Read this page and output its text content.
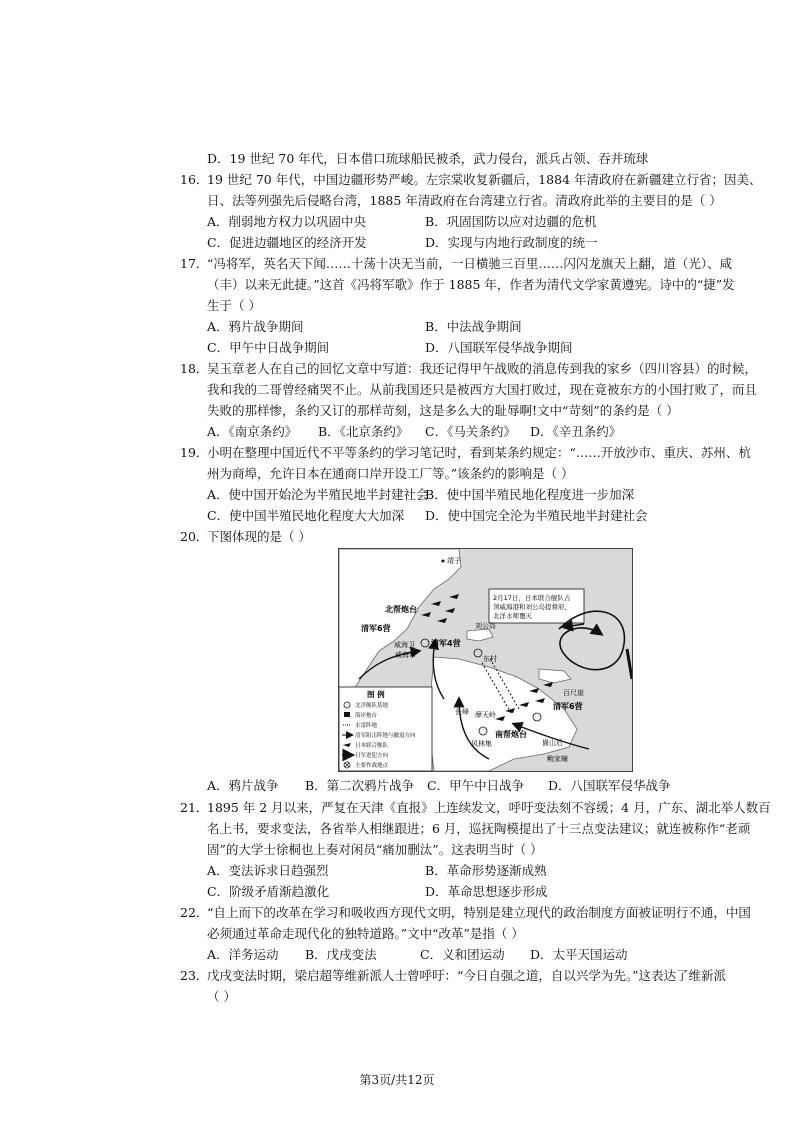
D．19 世纪 70 年代，日本借口琉球船民被杀，武力侵台，派兵占领、吞并琉球
16．
19 世纪 70 年代，中国边疆形势严峻。左宗棠收复新疆后，1884 年清政府在新疆建立行省；因美、
日、法等列强先后侵略台湾，1885 年清政府在台湾建立行省。清政府此举的主要目的是（ ）
A．削弱地方权力以巩固中央	B．巩固国防以应对边疆的危机
C．促进边疆地区的经济开发	D．实现与内地行政制度的统一
17．
“冯将军，英名天下闻……十荡十决无当前，一日横驰三百里……闪闪龙旗天上翻，道（光）、咸
（丰）以来无此捷。”这首《冯将军歌》作于 1885 年，作者为清代文学家黄遵宪。诗中的“捷”发
生于（ ）
A．鸦片战争期间	B．中法战争期间
C．甲午中日战争期间	D．八国联军侵华战争期间
18．
吴玉章老人在自己的回忆文章中写道：我还记得甲午战败的消息传到我的家乡（四川容县）的时候，
我和我的二哥曾经痛哭不止。从前我国还只是被西方大国打败过，现在竟被东方的小国打败了，而且
失败的那样惨，条约又订的那样苛刻，这是多么大的耻辱啊!文中“苛刻”的条约是（ ）
A．《南京条约》 B．《北京条约》 C．《马关条约》 D．《辛丑条约》
19．
小明在整理中国近代不平等条约的学习笔记时，看到某条约规定：“……开放沙市、重庆、苏州、杭
州为商埠，允许日本在通商口岸开设工厂等。”该条约的影响是（ ）
A．使中国开始沦为半殖民地半封建社会
B．使中国半殖民地化程度进一步加深
C．使中国半殖民地化程度大大加深 D．使中国完全沦为半殖民地半封建社会
20．
下图体现的是（ ）
2月17日，日本联合舰队占
领威海港和刘公岛提督府，
北洋水师覆灭
靖子
北帮炮台
刘公岛
清军6营
清军4营
威海卫
威海市	东村
百尺崖
清军6营
长峰 摩天岭
南帮炮台
风林集	崮山后
鲍家疃
图 例
北洋舰队基地
海岸炮台
水雷阵地
清军阻击阵地与撤退方向
日本联合舰队
日军进犯方向
主要作战地点
A．鸦片战争 B．第二次鸦片战争 C．甲午中日战争 D．八国联军侵华战争
21．
1895 年 2 月以来，严复在天津《直报》上连续发文，呼吁变法刻不容缓；4 月，广东、湖北举人数百
名上书，要求变法，各省举人相继跟进；6 月，巡抚陶模提出了十三点变法建议；就连被称作“老顽
固”的大学士徐桐也上奏对闲员“痛加删汰”。这表明当时（ ）
A．变法诉求日趋强烈	B．革命形势逐渐成熟
C．阶级矛盾渐趋激化	D．革命思想逐步形成
22．
“自上而下的改革在学习和吸收西方现代文明，特别是建立现代的政治制度方面被证明行不通，中国
必须通过革命走现代化的独特道路。”文中“改革”是指（ ）
A．洋务运动 B．戊戌变法	C．义和团运动 D．太平天国运动
23．
戊戌变法时期，梁启超等维新派人士曾呼吁：“今日自强之道，自以兴学为先。”这表达了维新派
（ ）
第3页/共12页
